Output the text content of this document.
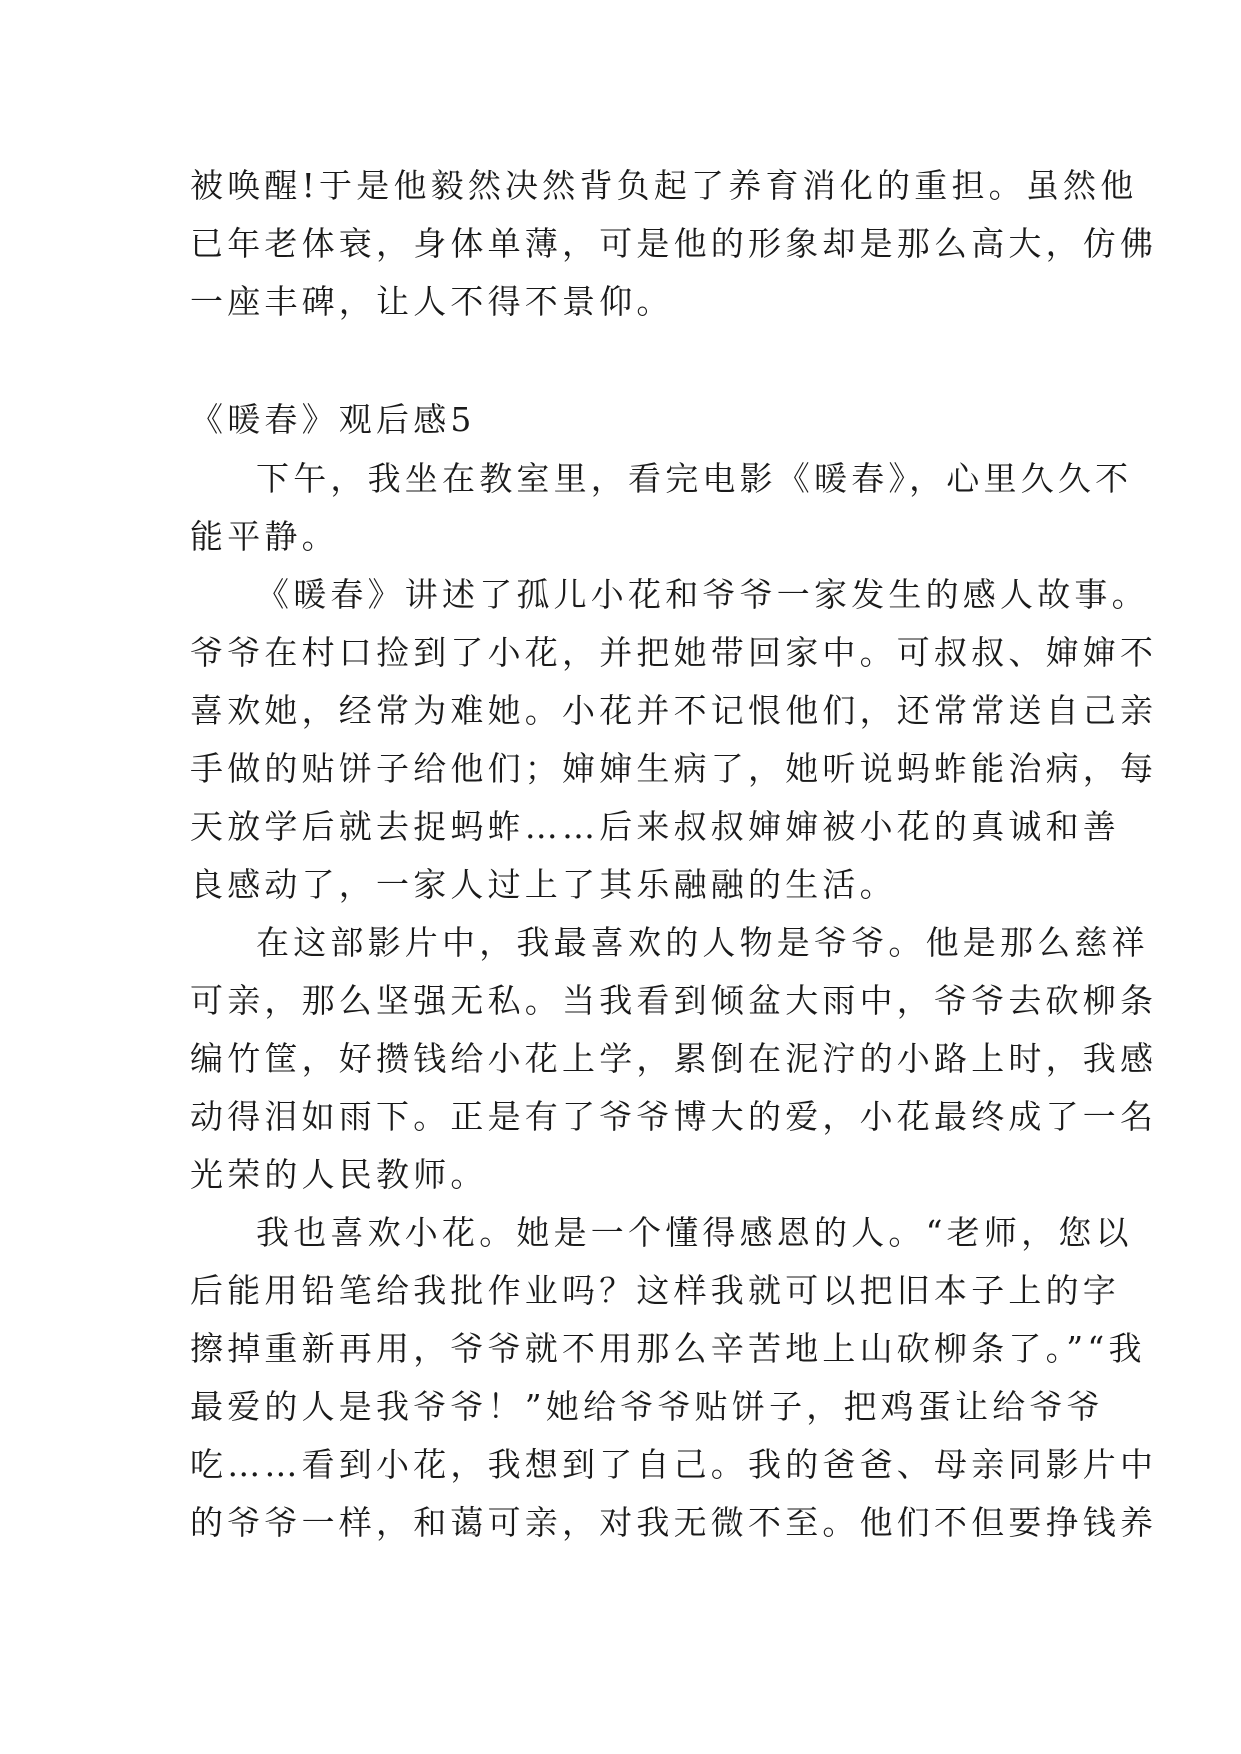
被唤醒!于是他毅然决然背负起了养育消化的重担。虽然他
已年老体衰，身体单薄，可是他的形象却是那么高大，仿佛
一座丰碑，让人不得不景仰。
《暖春》观后感5
下午，我坐在教室里，看完电影《暖春》，心里久久不
能平静。
《暖春》讲述了孤儿小花和爷爷一家发生的感人故事。
爷爷在村口捡到了小花，并把她带回家中。可叔叔、婶婶不
喜欢她，经常为难她。小花并不记恨他们，还常常送自己亲
手做的贴饼子给他们；婶婶生病了，她听说蚂蚱能治病，每
天放学后就去捉蚂蚱……后来叔叔婶婶被小花的真诚和善
良感动了，一家人过上了其乐融融的生活。
在这部影片中，我最喜欢的人物是爷爷。他是那么慈祥
可亲，那么坚强无私。当我看到倾盆大雨中，爷爷去砍柳条
编竹筐，好攒钱给小花上学，累倒在泥泞的小路上时，我感
动得泪如雨下。正是有了爷爷博大的爱，小花最终成了一名
光荣的人民教师。
我也喜欢小花。她是一个懂得感恩的人。“老师，您以
后能用铅笔给我批作业吗？这样我就可以把旧本子上的字
擦掉重新再用，爷爷就不用那么辛苦地上山砍柳条了。”“我
最爱的人是我爷爷！”她给爷爷贴饼子，把鸡蛋让给爷爷
吃……看到小花，我想到了自己。我的爸爸、母亲同影片中
的爷爷一样，和蔼可亲，对我无微不至。他们不但要挣钱养
